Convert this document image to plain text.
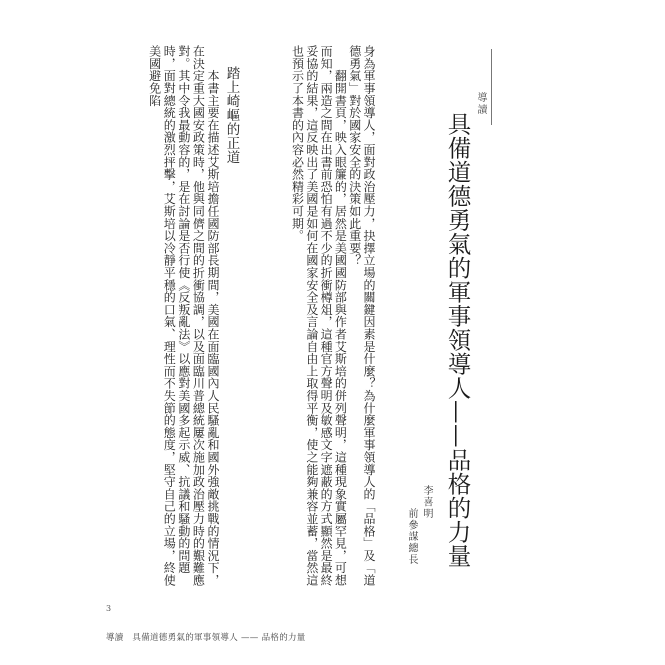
導讀
具備道德勇氣的軍事領導人——品格的力量
李喜明
前參謀總長

身為軍事領導人，面對政治壓力，抉擇立場的關鍵因素是什麼？為什麼軍事領導人的「品格」及「道德勇氣」對於國家安全的決策如此重要？

　　翻開書頁，映入眼簾的，居然是美國國防部與作者艾斯培的併列聲明，這種現象實屬罕見，可想而知，兩造之間在出書前恐怕有過不少的折衝樽俎，這種官方聲明及敏感文字遮蔽的方式顯然是最終妥協的結果，這反映出了美國是如何在國家安全及言論自由上取得平衡，使之能夠兼容並蓄，當然這也預示了本書的內容必然精彩可期。

踏上崎嶇的正道

　　本書主要在描述艾斯培擔任國防部長期間，美國在面臨國內人民騷亂和國外強敵挑戰的情況下，在決定重大國安政策時，他與同儕之間的折衝協調，以及面臨川普總統屢次施加政治壓力時的艱難應對。其中令我最動容的，是在討論是否行使《反叛亂法》以應對美國多起示威、抗議和騷動的問題時，面對總統的激烈抨擊，艾斯培以冷靜平穩的口氣、理性而不失節的態度，堅守自己的立場，終使美國避免陷

3
導讀　具備道德勇氣的軍事領導人 —— 品格的力量
